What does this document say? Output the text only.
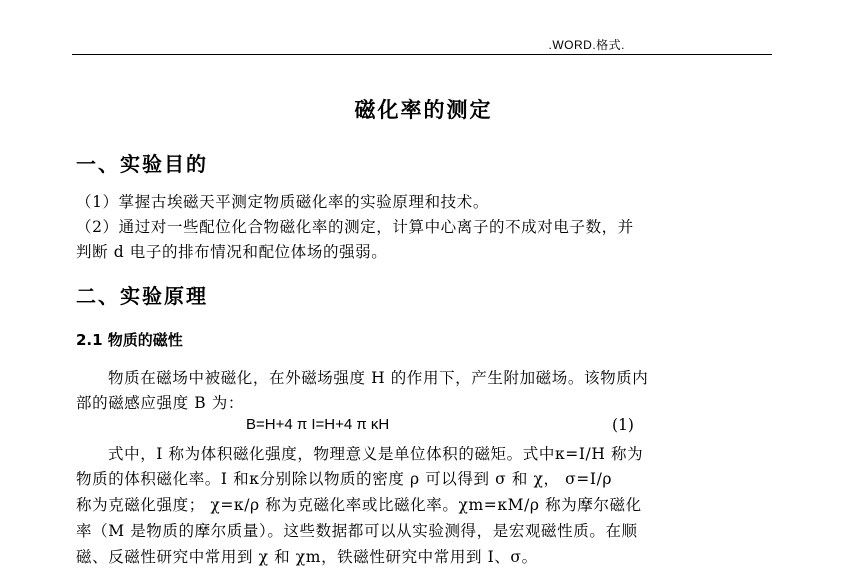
.WORD.格式.
磁化率的测定
一、实验目的
（1）掌握古埃磁天平测定物质磁化率的实验原理和技术。
（2）通过对一些配位化合物磁化率的测定，计算中心离子的不成对电子数，并
判断 d 电子的排布情况和配位体场的强弱。
二、实验原理
2.1 物质的磁性
物质在磁场中被磁化，在外磁场强度 H 的作用下，产生附加磁场。该物质内
部的磁感应强度 B 为：
B=H+4 π I=H+4 π κH	(1)
式中，I 称为体积磁化强度，物理意义是单位体积的磁矩。式中κ=I/H 称为
物质的体积磁化率。I 和κ分别除以物质的密度 ρ 可以得到 σ 和 χ， σ=I/ρ
称为克磁化强度； χ=κ/ρ 称为克磁化率或比磁化率。χm=κM/ρ 称为摩尔磁化
率（M 是物质的摩尔质量）。这些数据都可以从实验测得，是宏观磁性质。在顺
磁、反磁性研究中常用到 χ 和 χm，铁磁性研究中常用到 I、σ。
